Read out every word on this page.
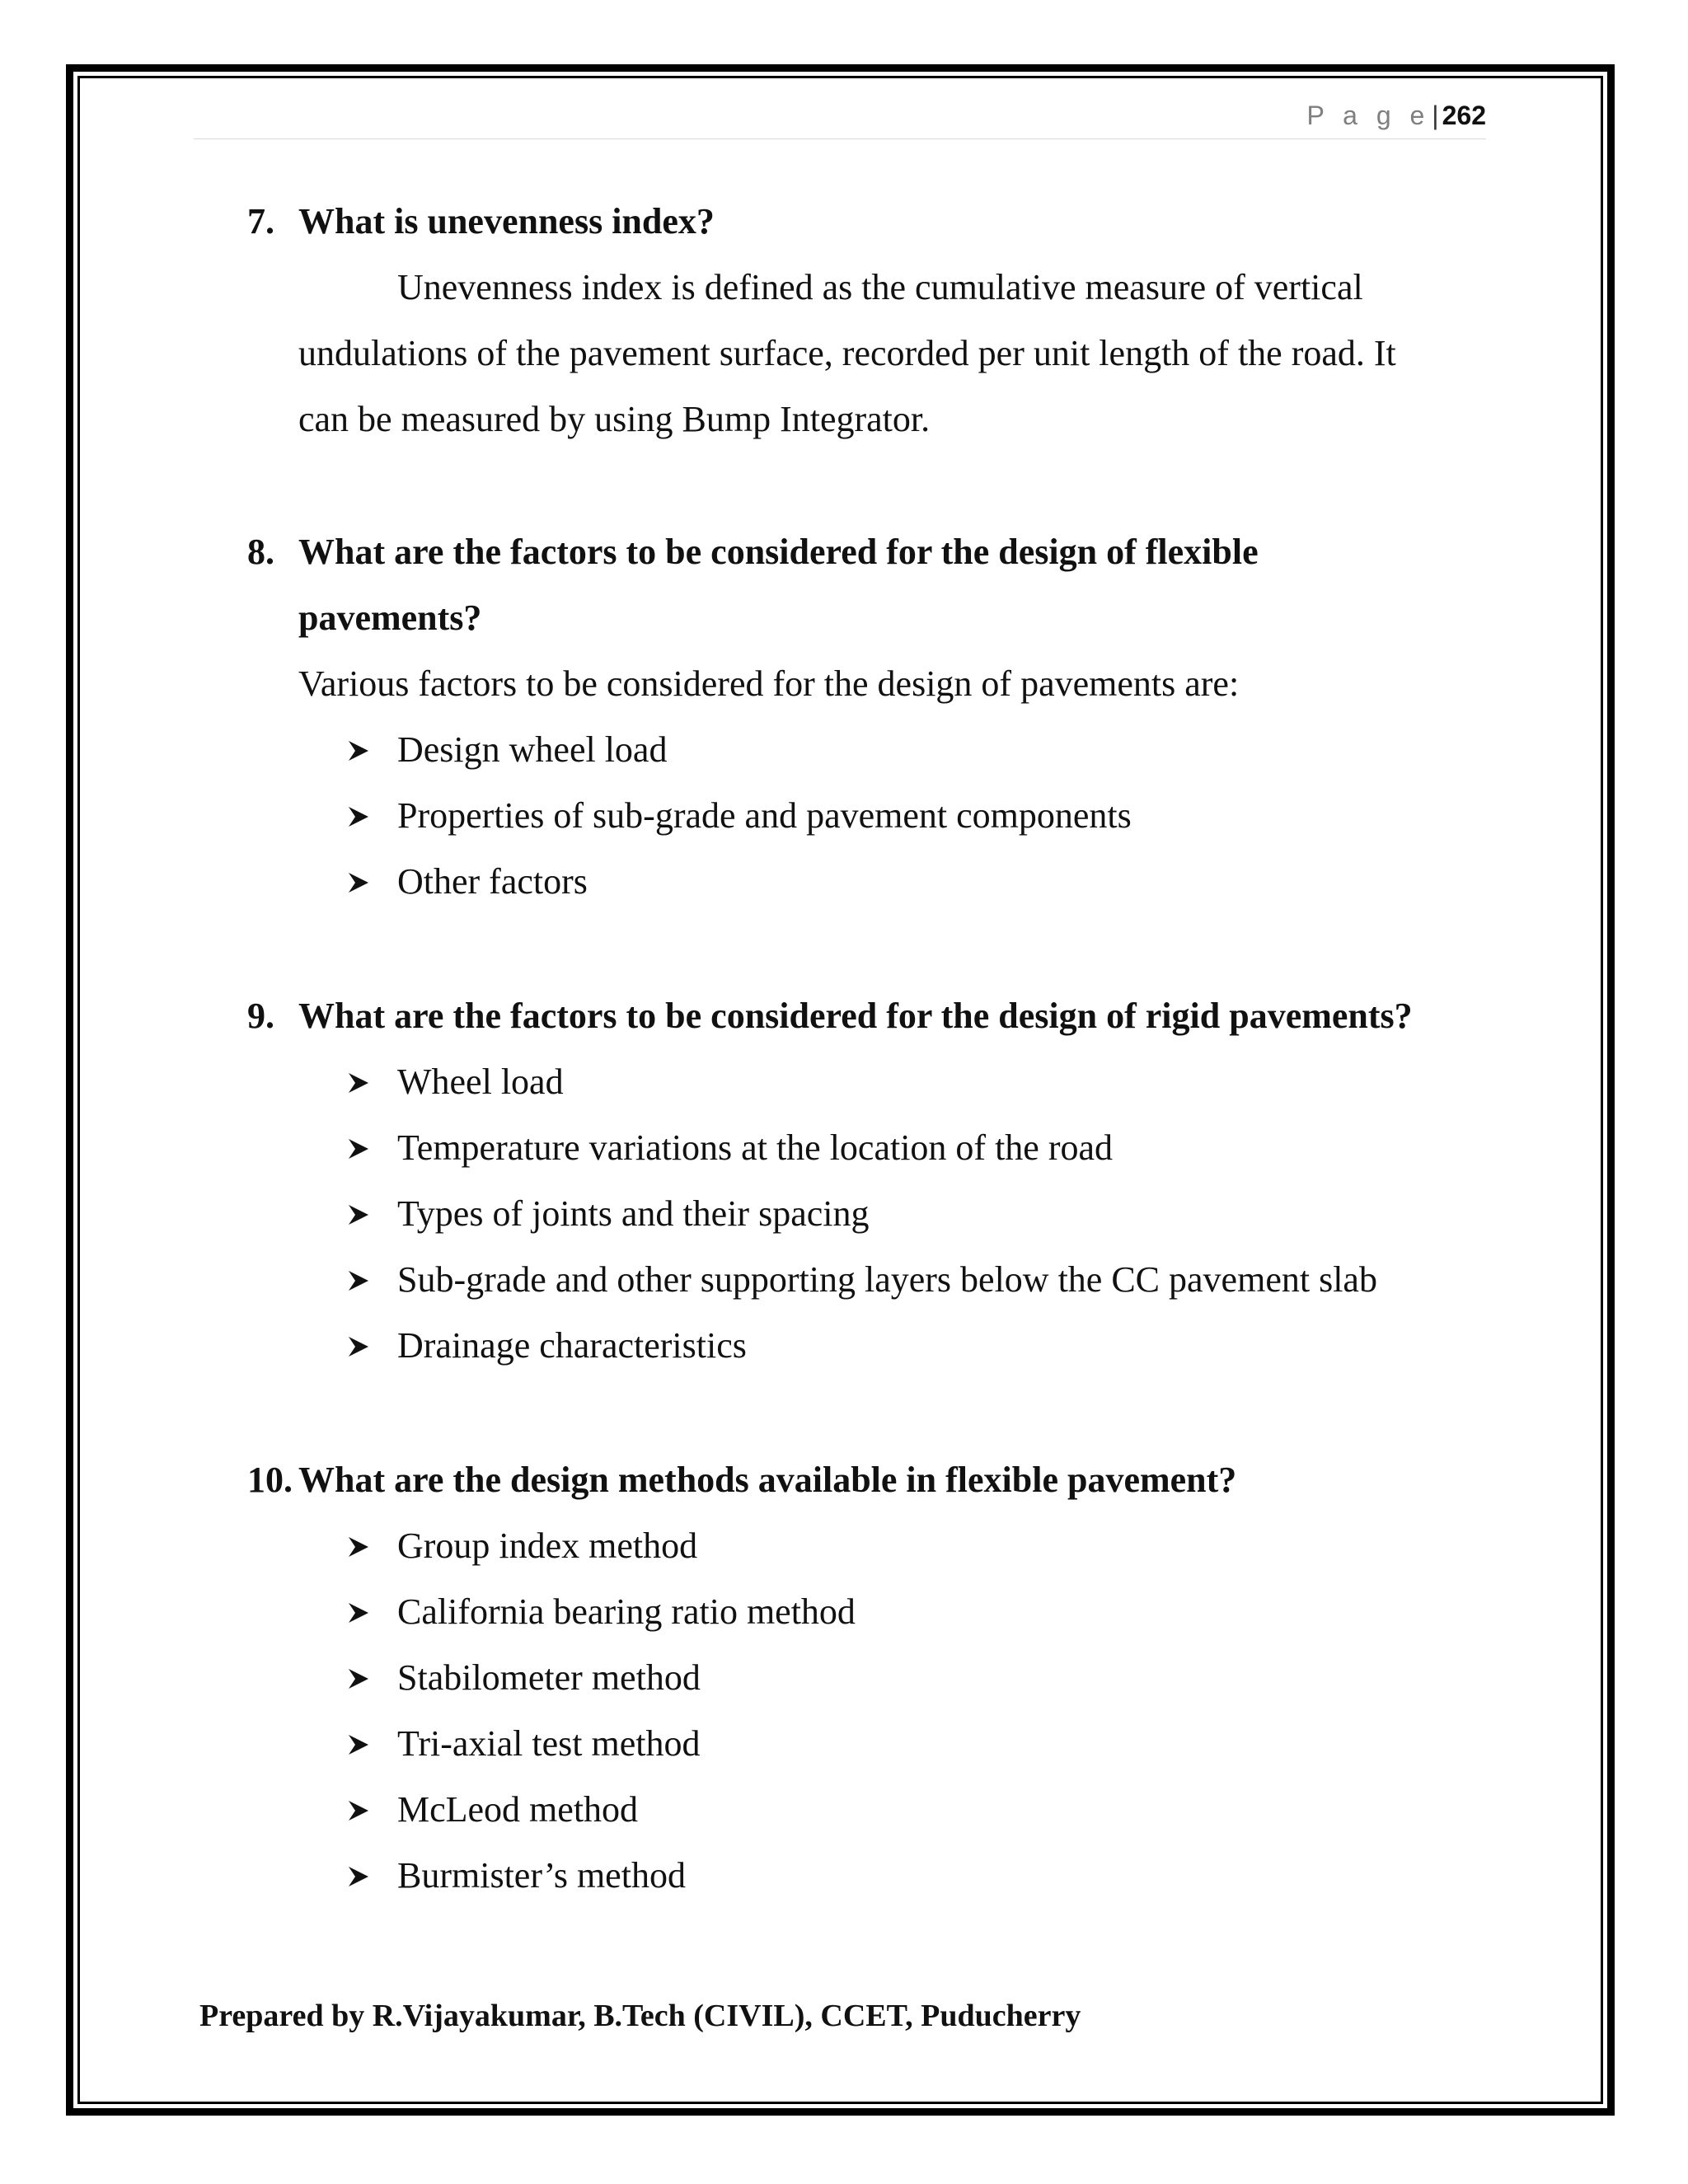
P a g e| 262
7. What is unevenness index?
Unevenness index is defined as the cumulative measure of vertical
undulations of the pavement surface, recorded per unit length of the road. It
can be measured by using Bump Integrator.
8. What are the factors to be considered for the design of flexible
pavements?
Various factors to be considered for the design of pavements are:
Design wheel load
Properties of sub-grade and pavement components
Other factors
9. What are the factors to be considered for the design of rigid pavements?
Wheel load
Temperature variations at the location of the road
Types of joints and their spacing
Sub-grade and other supporting layers below the CC pavement slab
Drainage characteristics
10. What are the design methods available in flexible pavement?
Group index method
California bearing ratio method
Stabilometer method
Tri-axial test method
McLeod method
Burmister’s method
Prepared by R.Vijayakumar, B.Tech (CIVIL), CCET, Puducherry
